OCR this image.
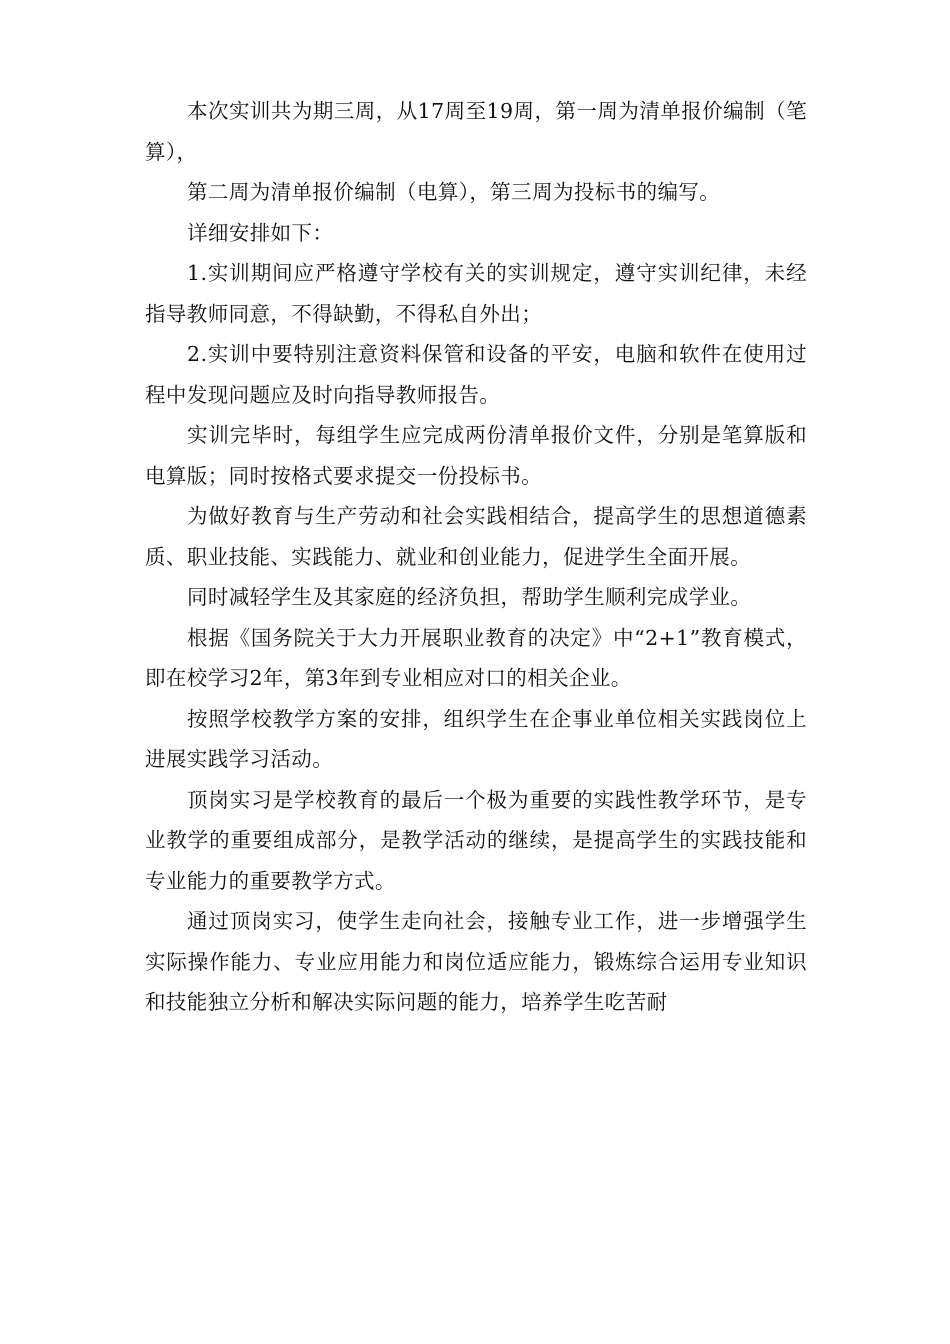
本次实训共为期三周，从17周至19周，第一周为清单报价编制（笔算），

第二周为清单报价编制（电算），第三周为投标书的编写。

详细安排如下：

1.实训期间应严格遵守学校有关的实训规定，遵守实训纪律，未经指导教师同意，不得缺勤，不得私自外出；

2.实训中要特别注意资料保管和设备的平安，电脑和软件在使用过程中发现问题应及时向指导教师报告。

实训完毕时，每组学生应完成两份清单报价文件，分别是笔算版和电算版；同时按格式要求提交一份投标书。

为做好教育与生产劳动和社会实践相结合，提高学生的思想道德素质、职业技能、实践能力、就业和创业能力，促进学生全面开展。

同时减轻学生及其家庭的经济负担，帮助学生顺利完成学业。

根据《国务院关于大力开展职业教育的决定》中“2+1”教育模式，即在校学习2年，第3年到专业相应对口的相关企业。

按照学校教学方案的安排，组织学生在企事业单位相关实践岗位上进展实践学习活动。

顶岗实习是学校教育的最后一个极为重要的实践性教学环节，是专业教学的重要组成部分，是教学活动的继续，是提高学生的实践技能和专业能力的重要教学方式。

通过顶岗实习，使学生走向社会，接触专业工作，进一步增强学生实际操作能力、专业应用能力和岗位适应能力，锻炼综合运用专业知识和技能独立分析和解决实际问题的能力，培养学生吃苦耐
